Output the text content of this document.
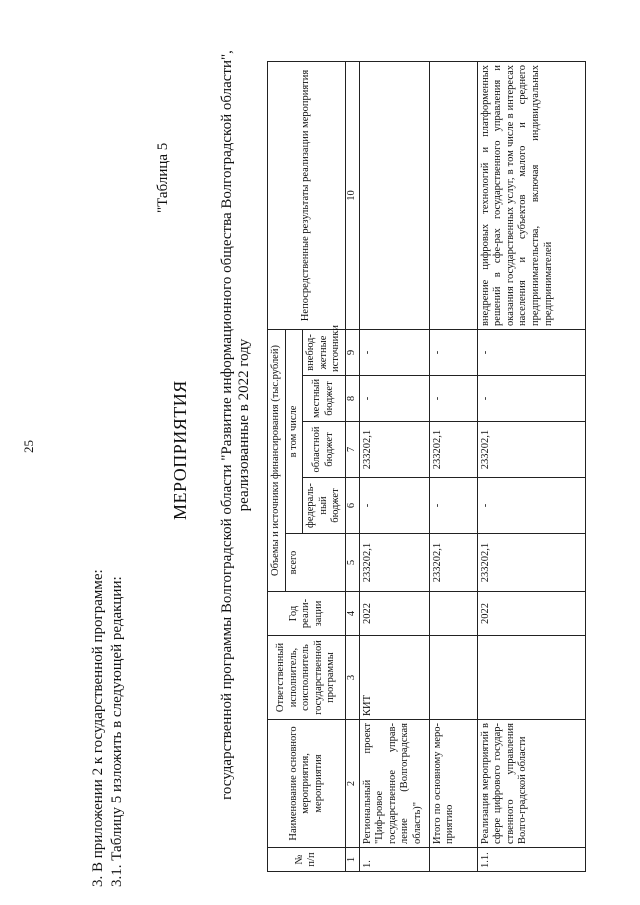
25
3. В приложении 2 к государственной программе: 3.1. Таблицу 5 изложить в следующей редакции:
"Таблица 5
МЕРОПРИЯТИЯ государственной программы Волгоградской области "Развитие информационного общества Волгоградской области", реализованные в 2022 году
№ п/п	Наименование основного мероприятия, мероприятия	Ответственный исполнитель, соисполнитель государственной программы	Год реали-зации	Объемы и источники финансирования (тыс.рублей)					Непосредственные результаты реализации мероприятия
				всего	в том числе				
					федераль-ный бюджет	областной бюджет	местный бюджет	внебюд-жетные источники	
1	2	3	4	5	6	7	8	9	10
1.	Региональный проект "Циф-ровое государственное управ-ление (Волгоградская область)"	КИТ	2022	233202,1	-	233202,1	-	-	
	Итого по основному меро-приятию			233202,1	-	233202,1	-	-	
1.1.	Реализация мероприятий в сфере цифрового государ-ственного управления Волго-градской области		2022	233202,1	-	233202,1	-	-	внедрение цифровых технологий и платформенных решений в сфе-рах государственного управления и оказания государственных услуг, в том числе в интересах населения и субъектов малого и среднего предпринимательства, включая индивидуальных предпринимателей
